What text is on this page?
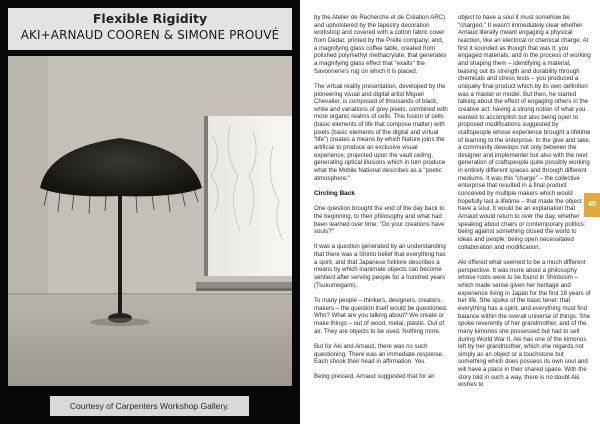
Flexible Rigidity
AKI+ARNAUD COOREN & SIMONE PROUVÉ
Courtesy of Carpenters Workshop Gallery.

by the Atelier de Recherche et de Création ARC) and upholstered by the tapestry decoration workshop and covered with a cotton fabric cover from Dedar, printed by the Prelle company; and, a magnifying glass coffee table, created from polished polymethyl methacrylate, that generates a magnifying glass effect that "exalts" the Savonnerie's rug on which it is placed.

The virtual reality presentation, developed by the pioneering visual and digital artist Miguel Chevalier, is composed of thousands of black, white and variations of grey pixels, combined with more organic realms of cells. This fusion of cells (basic elements of life that compose matter) with pixels (basic elements of the digital and virtual "life") creates a means by which Nature joins the artificial to produce an exclusive visual experience, projected upon the vault ceiling, generating optical illusions which in turn produce what the Mobile National describes as a "poetic atmosphere."

Circling Back

One question brought the end of the day back to the beginning, to their philosophy and what had been learned over time: "Do your creations have souls?"

It was a question generated by an understanding that there was a Shinto belief that everything has a spirit, and that Japanese folklore describes a means by which inanimate objects can become sentient after serving people for a hundred years (Tsukumogami).

To many people – thinkers, designers, creators, makers – the question itself would be questioned. Who? What are you talking about? We create or make things – out of wood, metal, plastic. Out of air. They are objects to be used. Nothing more.

But for Aki and Arnaud, there was no such questioning. There was an immediate response. Each shook their head in affirmation. Yes.

Being pressed, Arnaud suggested that for an

object to have a soul it must somehow be "charged." It wasn't immediately clear whether Arnaud literally meant engaging a physical reaction, like an electrical or chemical charge. At first it sounded as though that was it: you engaged materials, and in the process of working and shaping them – identifying a material, teasing out its strength and durability through chemicals and stress tests – you produced a uniquely final product which by its own definition was a master or model. But then, he started talking about the effect of engaging others in the creative act: having a strong notion of what you wanted to accomplish but also being open to proposed modifications suggested by craftspeople whose experience brought a lifetime of learning to the enterprise. In the give and take, a community develops not only between the designer and implementer but also with the next generation of craftspeople quite possibly working in entirely different spaces and through different mediums. It was this "charge" – the collective enterprise that resulted in a final product conceived by multiple makers which would hopefully last a lifetime – that made the object have a soul. It would be an explanation that Arnaud would return to over the day, whether speaking about chairs or contemporary politics: being against something closed the world to ideas and people; being open necessitated collaboration and modification.

Aki offered what seemed to be a much different perspective. It was more about a philosophy whose roots were to be found in Shintoism – which made sense given her heritage and experience living in Japan for the first 18 years of her life. She spoke of the basic tenet: that everything has a spirit, and everything must find balance within the overall universe of things. She spoke reverently of her grandmother, and of the many kimonos she possessed but had to sell during World War II. Aki has one of the kimonos left by her grandmother, which she regards not simply as an object or a touchstone but something which does possess its own soul and will have a place in their shared space. With the story told in such a way, there is no doubt Aki wishes to

45
